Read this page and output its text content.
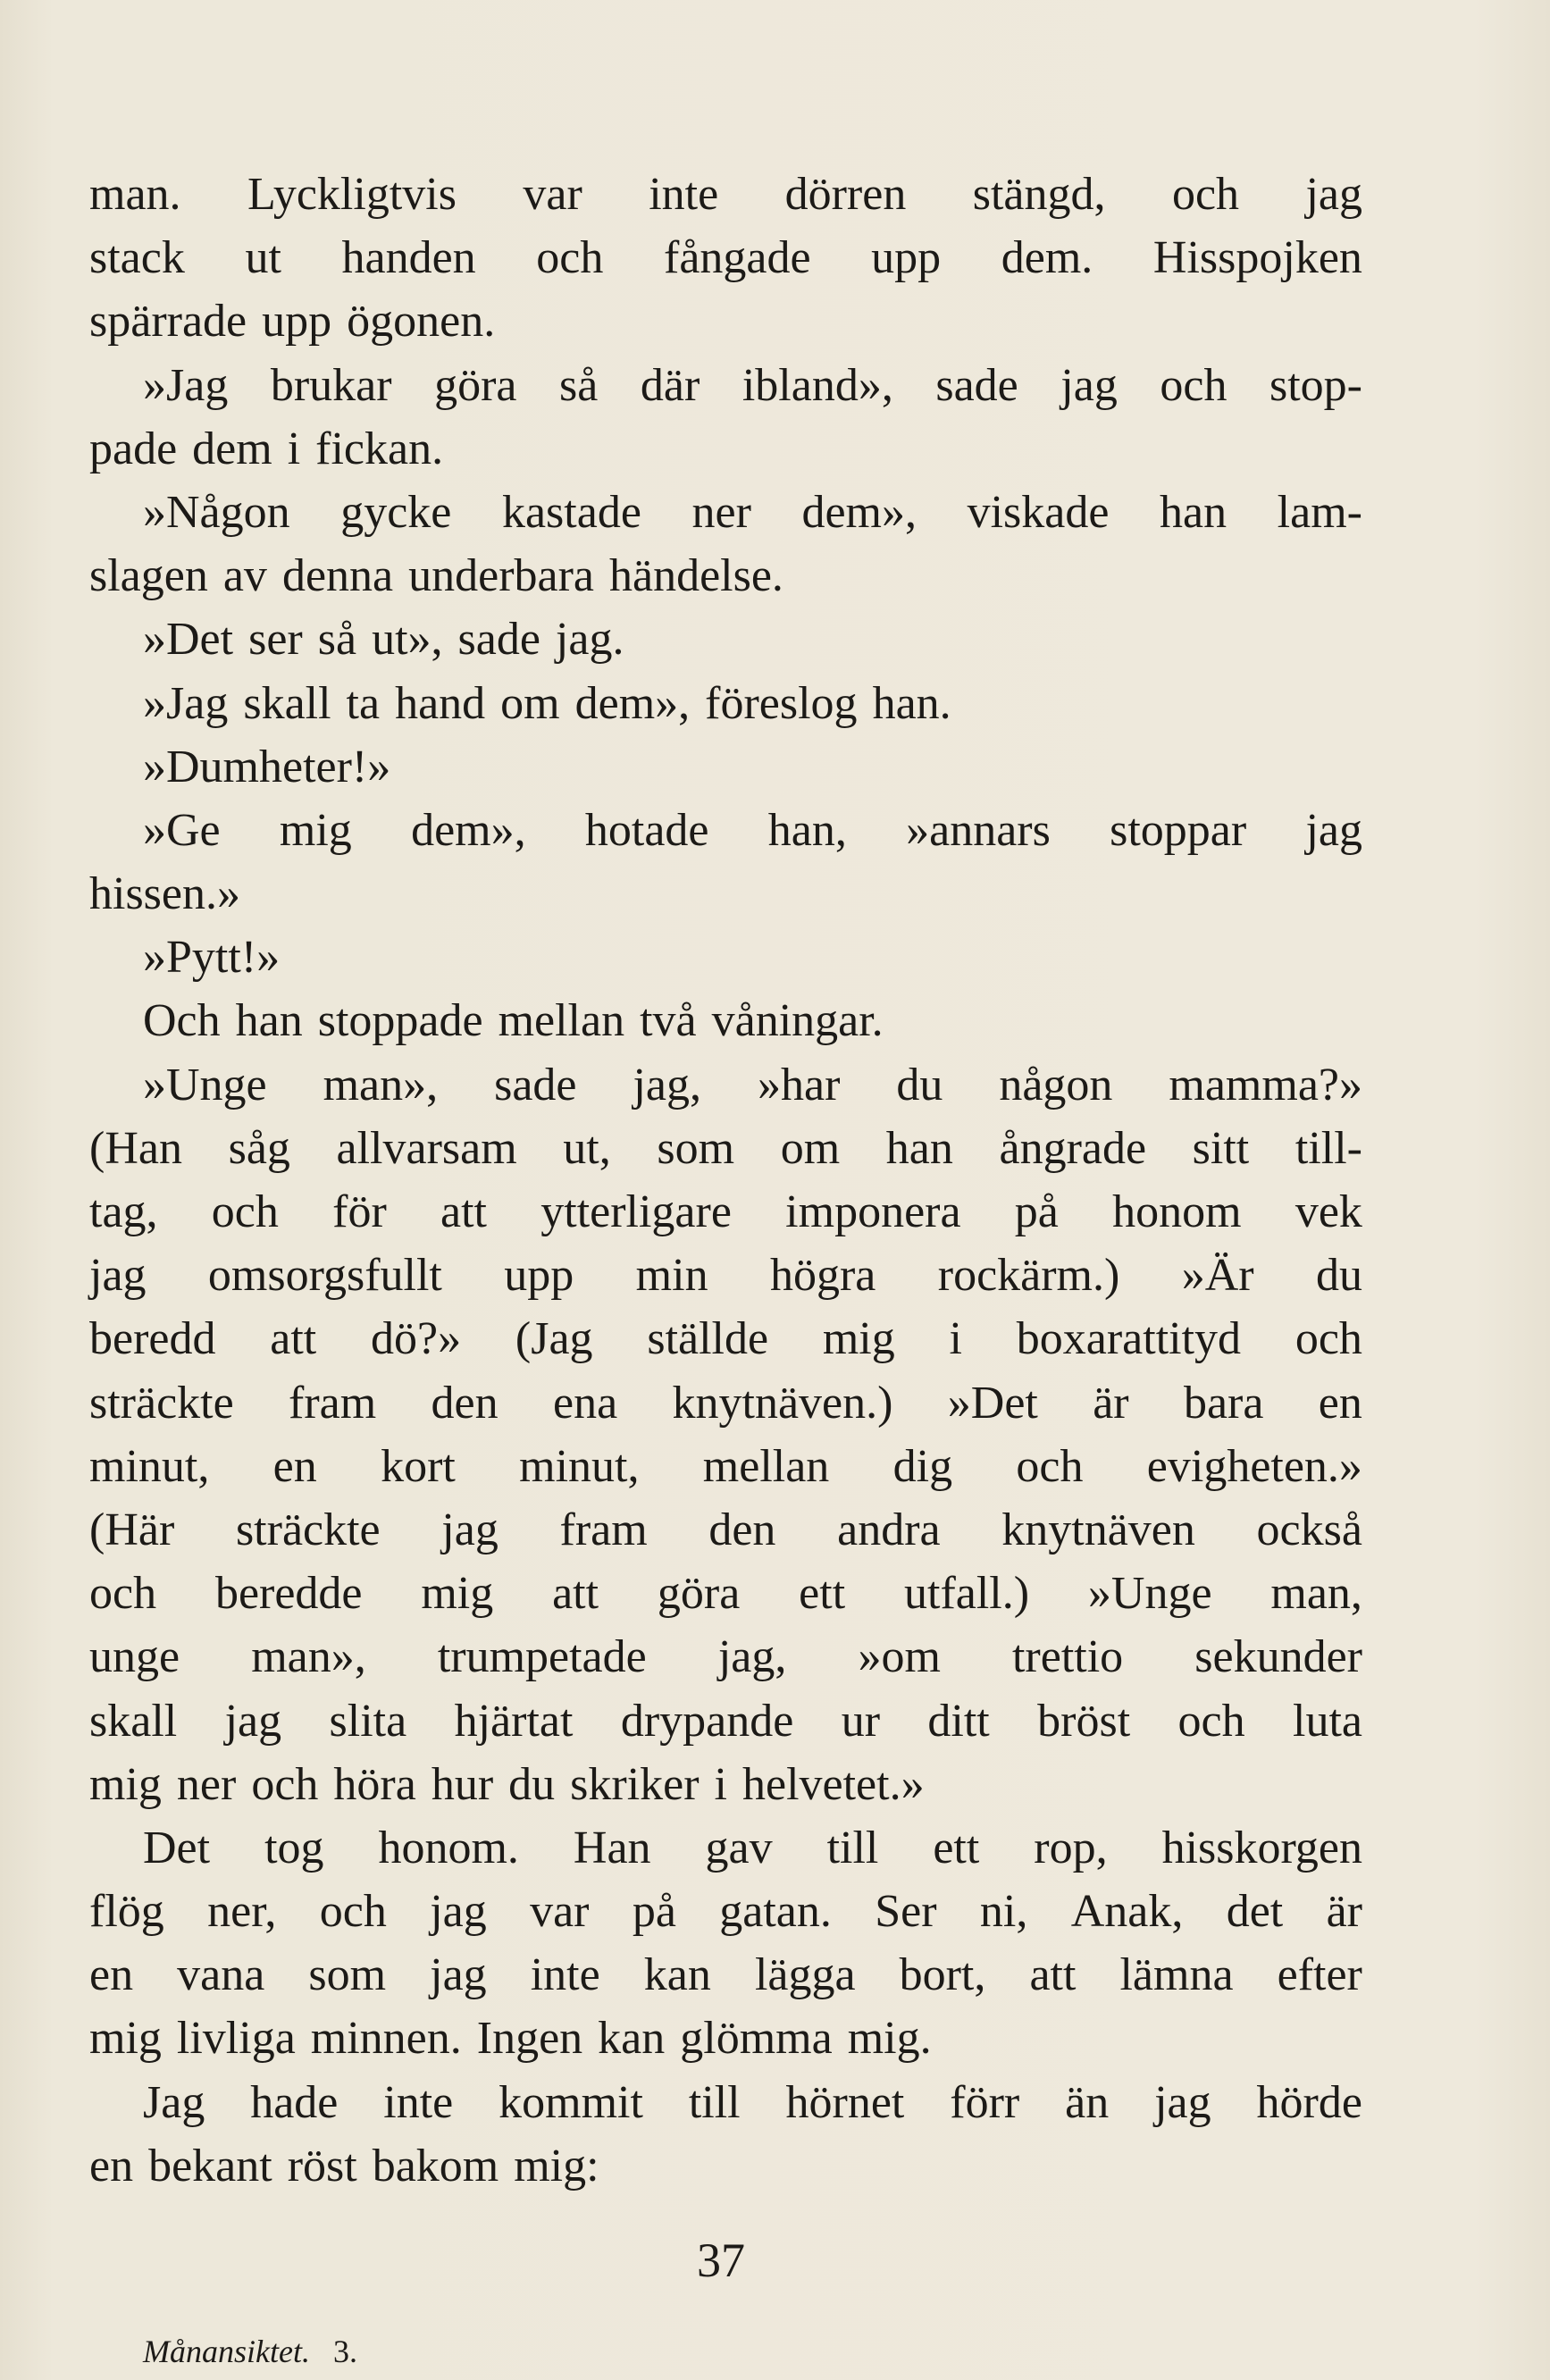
man. Lyckligtvis var inte dörren stängd, och jag
stack ut handen och fångade upp dem. Hisspojken
spärrade upp ögonen.
»Jag brukar göra så där ibland», sade jag och stop-
pade dem i fickan.
»Någon gycke kastade ner dem», viskade han lam-
slagen av denna underbara händelse.
»Det ser så ut», sade jag.
»Jag skall ta hand om dem», föreslog han.
»Dumheter!»
»Ge mig dem», hotade han, »annars stoppar jag
hissen.»
»Pytt!»
Och han stoppade mellan två våningar.
»Unge man», sade jag, »har du någon mamma?»
(Han såg allvarsam ut, som om han ångrade sitt till-
tag, och för att ytterligare imponera på honom vek
jag omsorgsfullt upp min högra rockärm.) »Är du
beredd att dö?» (Jag ställde mig i boxarattityd och
sträckte fram den ena knytnäven.) »Det är bara en
minut, en kort minut, mellan dig och evigheten.»
(Här sträckte jag fram den andra knytnäven också
och beredde mig att göra ett utfall.) »Unge man,
unge man», trumpetade jag, »om trettio sekunder
skall jag slita hjärtat drypande ur ditt bröst och luta
mig ner och höra hur du skriker i helvetet.»
Det tog honom. Han gav till ett rop, hisskorgen
flög ner, och jag var på gatan. Ser ni, Anak, det är
en vana som jag inte kan lägga bort, att lämna efter
mig livliga minnen. Ingen kan glömma mig.
Jag hade inte kommit till hörnet förr än jag hörde
en bekant röst bakom mig:
37
Månansiktet. 3.
